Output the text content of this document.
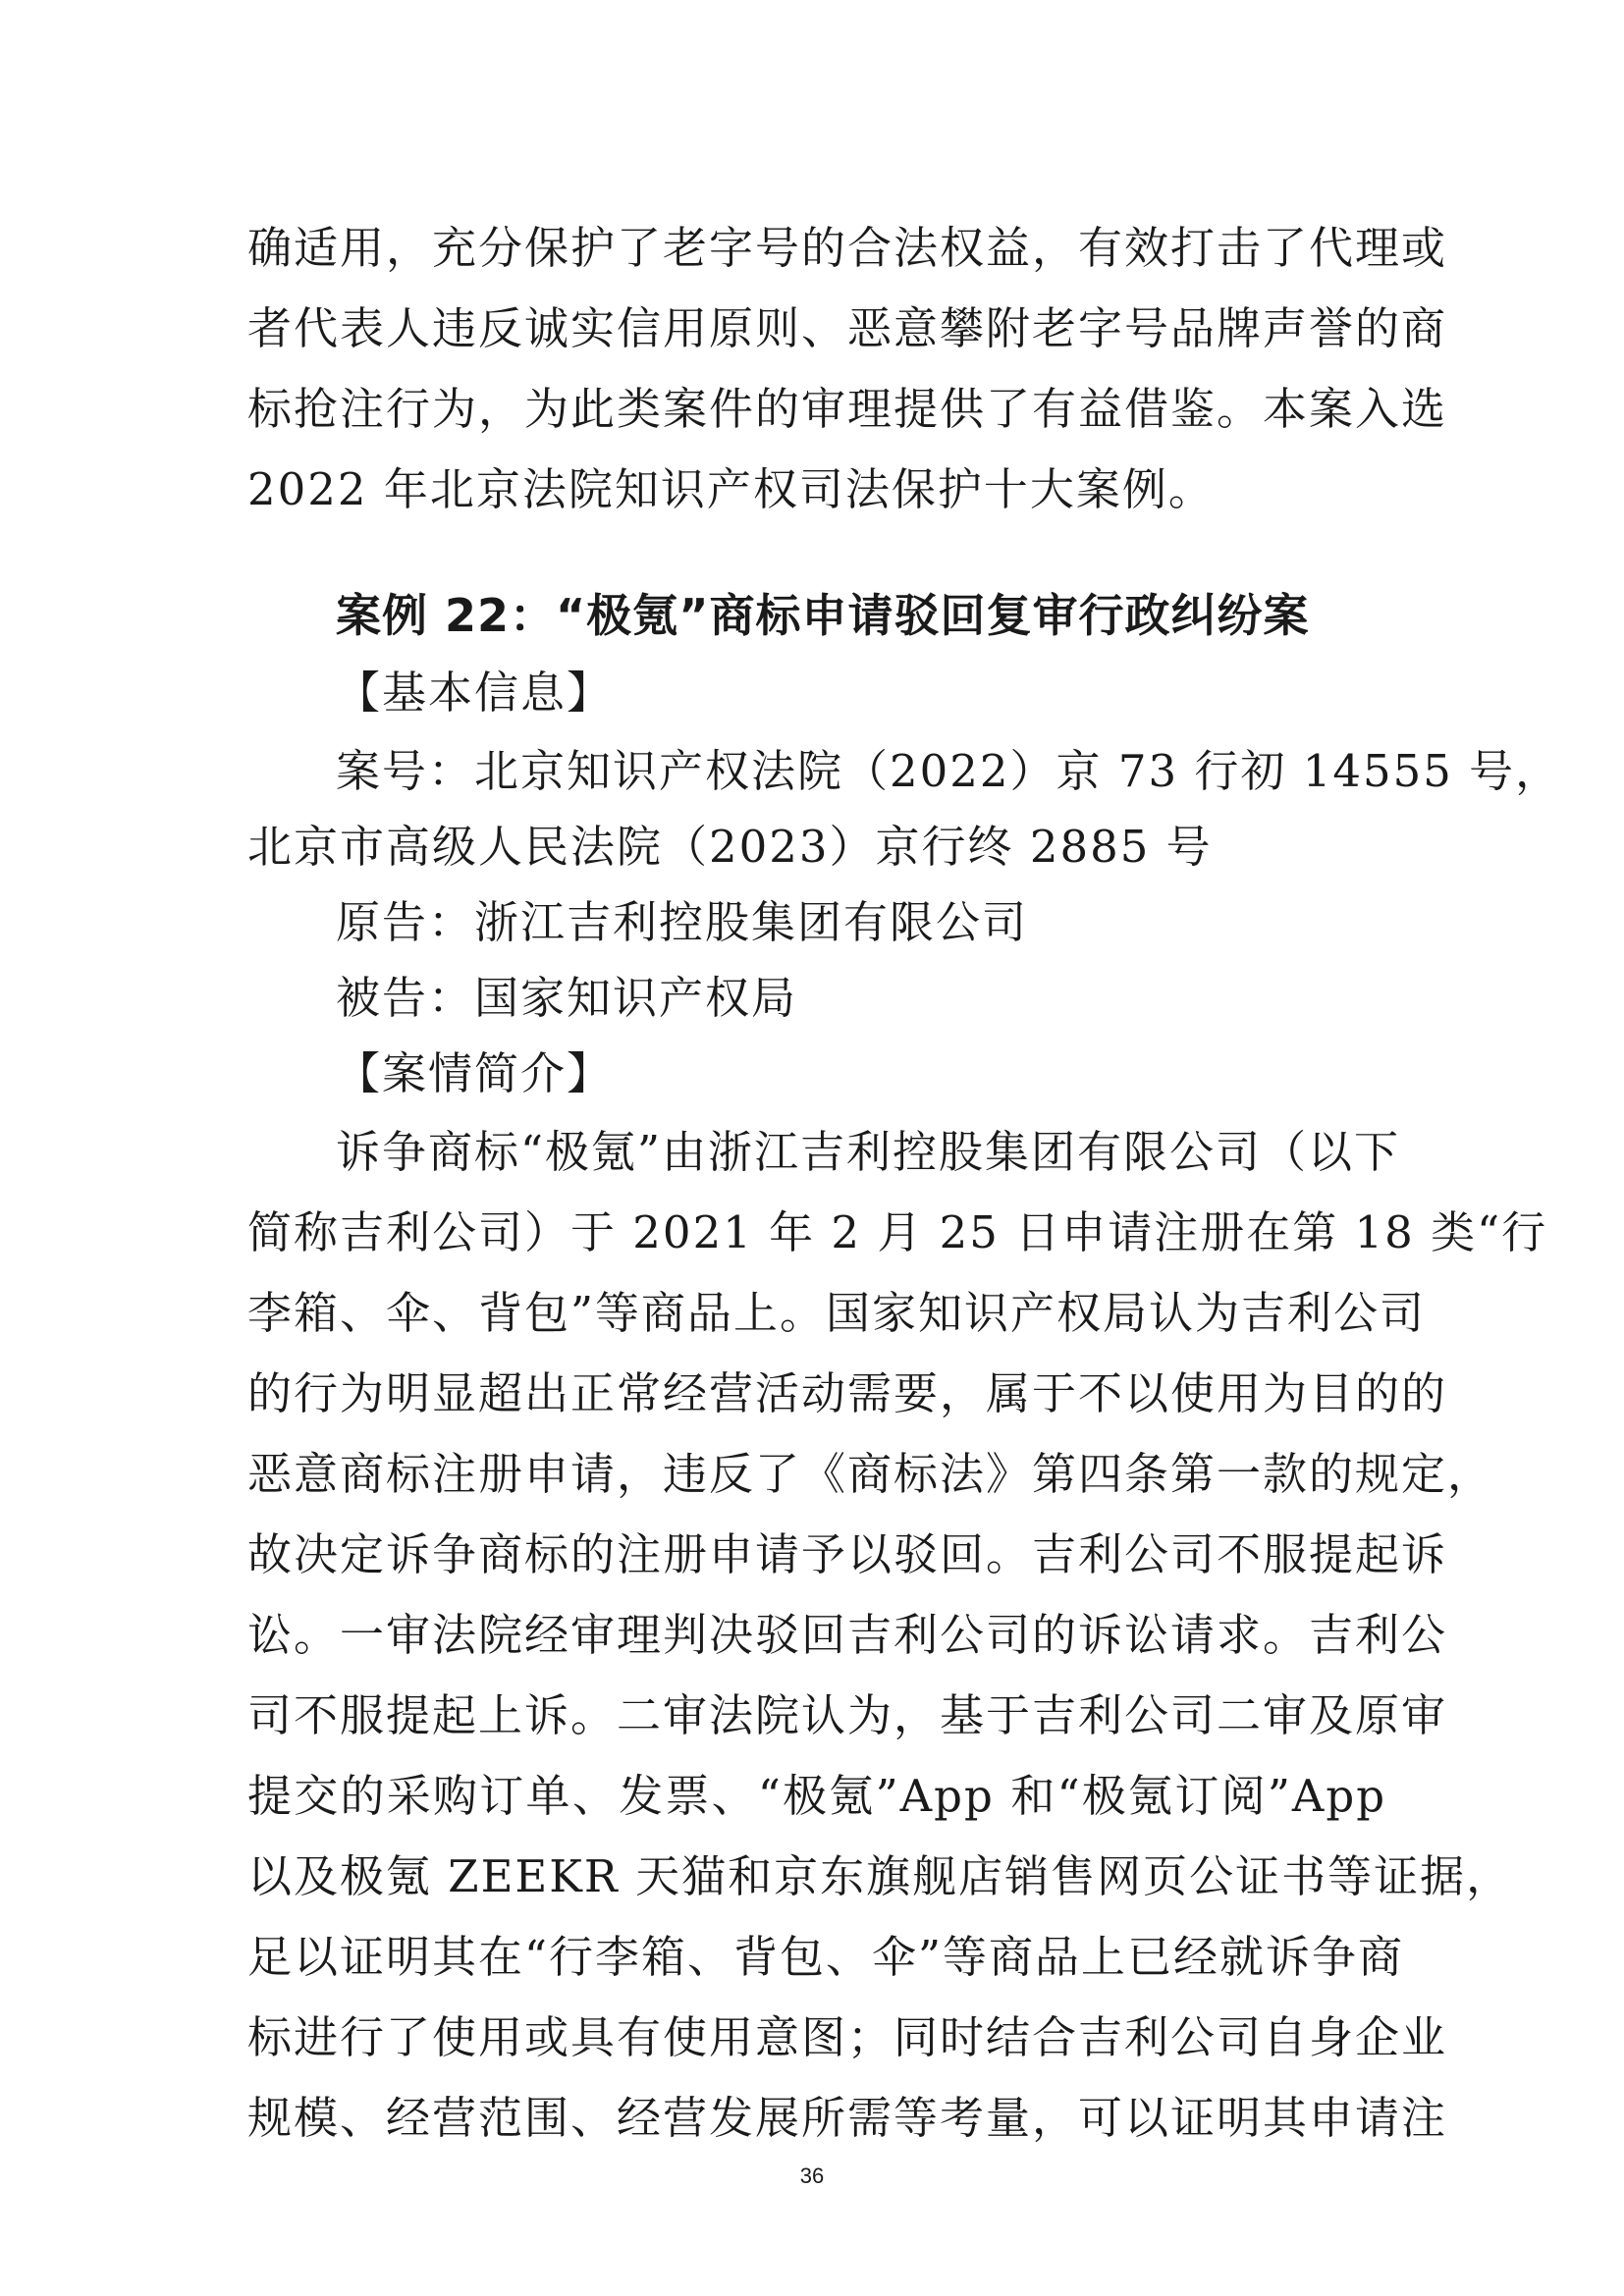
确适用，充分保护了老字号的合法权益，有效打击了代理或
者代表人违反诚实信用原则、恶意攀附老字号品牌声誉的商
标抢注行为，为此类案件的审理提供了有益借鉴。本案入选
2022 年北京法院知识产权司法保护十大案例。
案例 22：“极氪”商标申请驳回复审行政纠纷案
【基本信息】
案号：北京知识产权法院（2022）京 73 行初 14555 号，
北京市高级人民法院（2023）京行终 2885 号
原告：浙江吉利控股集团有限公司
被告：国家知识产权局
【案情简介】
诉争商标“极氪”由浙江吉利控股集团有限公司（以下
简称吉利公司）于 2021 年 2 月 25 日申请注册在第 18 类“行
李箱、伞、背包”等商品上。国家知识产权局认为吉利公司
的行为明显超出正常经营活动需要，属于不以使用为目的的
恶意商标注册申请，违反了《商标法》第四条第一款的规定，
故决定诉争商标的注册申请予以驳回。吉利公司不服提起诉
讼。一审法院经审理判决驳回吉利公司的诉讼请求。吉利公
司不服提起上诉。二审法院认为，基于吉利公司二审及原审
提交的采购订单、发票、“极氪”App 和“极氪订阅”App
以及极氪 ZEEKR 天猫和京东旗舰店销售网页公证书等证据，
足以证明其在“行李箱、背包、伞”等商品上已经就诉争商
标进行了使用或具有使用意图；同时结合吉利公司自身企业
规模、经营范围、经营发展所需等考量，可以证明其申请注
36
